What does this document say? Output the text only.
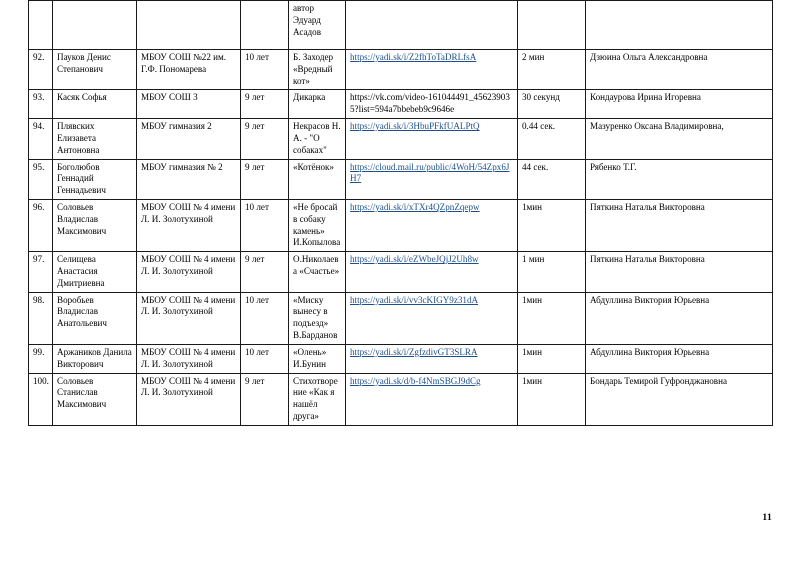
				автор Эдуард Асадов			
92.	Пауков Денис Степанович	МБОУ СОШ №22 им. Г.Ф. Пономарева	10 лет	Б. Заходер «Вредный кот»	https://yadi.sk/i/Z2fhToTaDRLfsA	2 мин	Дзюина Ольга Александровна
93.	Касяк Софья	МБОУ СОШ 3	9 лет	Дикарка	https://vk.com/video-161044491_456239035?list=594a7bbebeb9c9646e	30 секунд	Кондаурова Ирина Игоревна
94.	Плявских Елизавета Антоновна	МБОУ гимназия 2	9 лет	Некрасов Н. А. - "О собаках"	https://yadi.sk/i/3HbuPFkfUALPtQ	0.44 сек.	Мазуренко Оксана Владимировна,
95.	Боголюбов Геннадий Геннадьевич	МБОУ гимназия № 2	9 лет	«Котёнок»	https://cloud.mail.ru/public/4WoH/54Zpx6JH7	44 сек.	Рябенко Т.Г.
96.	Соловьев Владислав Максимович	МБОУ СОШ № 4 имени Л. И. Золотухиной	10 лет	«Не бросай в собаку камень» И.Копылова	https://yadi.sk/i/xTXr4QZpnZqepw	1мин	Пяткина Наталья Викторовна
97.	Селищева Анастасия Дмитриевна	МБОУ СОШ № 4 имени Л. И. Золотухиной	9 лет	О.Николаева «Счастье»	https://yadi.sk/i/eZWbeJQjJ2Uh8w	1 мин	Пяткина Наталья Викторовна
98.	Воробьев Владислав Анатольевич	МБОУ СОШ № 4 имени Л. И. Золотухиной	10 лет	«Миску вынесу в подъезд» В.Барданов	https://yadi.sk/i/vv3cKIGY9z31dA	1мин	Абдуллина Виктория Юрьевна
99.	Аржаников Данила Викторович	МБОУ СОШ № 4 имени Л. И. Золотухиной	10 лет	«Олень» И.Бунин	https://yadi.sk/i/ZgfzdivGT3SLRA	1мин	Абдуллина Виктория Юрьевна
100.	Соловьев Станислав Максимович	МБОУ СОШ № 4 имени Л. И. Золотухиной	9 лет	Стихотворение «Как я нашёл друга»	https://yadi.sk/d/b-f4NmSBGJ9dCg	1мин	Бондарь Темирой Гуфронджановна
11
